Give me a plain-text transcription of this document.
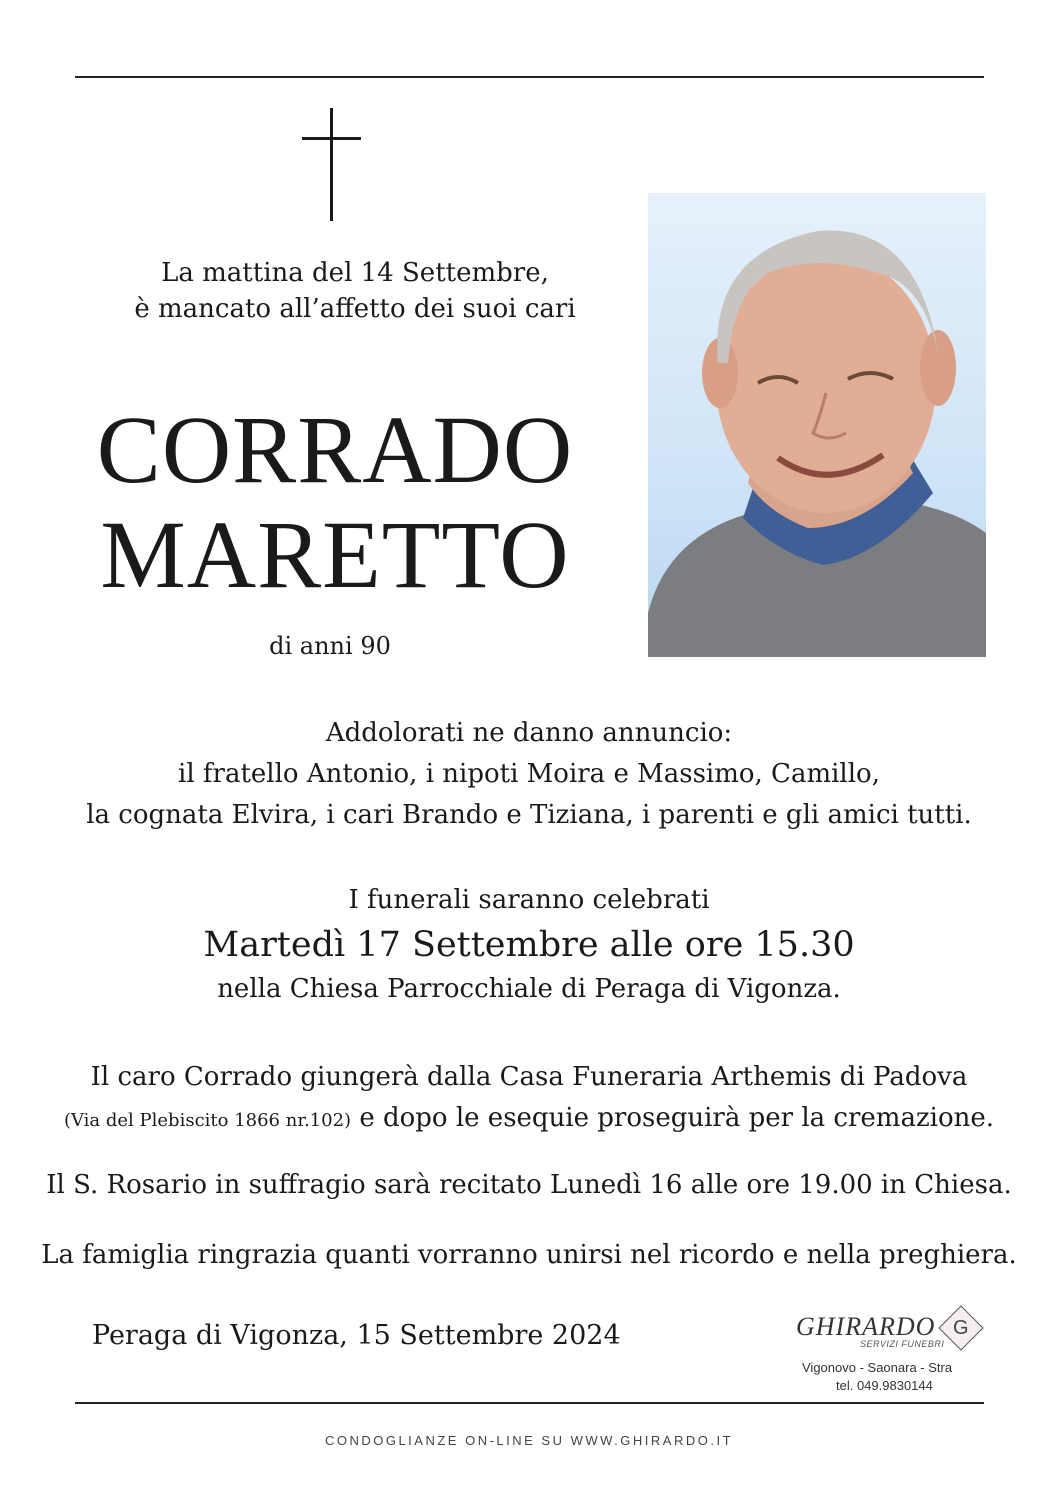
La mattina del 14 Settembre,
è mancato all’affetto dei suoi cari
CORRADO
MARETTO
di anni 90
Addolorati ne danno annuncio:
il fratello Antonio, i nipoti Moira e Massimo, Camillo,
la cognata Elvira, i cari Brando e Tiziana, i parenti e gli amici tutti.
I funerali saranno celebrati
Martedì 17 Settembre alle ore 15.30
nella Chiesa Parrocchiale di Peraga di Vigonza.
Il caro Corrado giungerà dalla Casa Funeraria Arthemis di Padova
(Via del Plebiscito 1866 nr.102) e dopo le esequie proseguirà per la cremazione.
Il S. Rosario in suffragio sarà recitato Lunedì 16 alle ore 19.00 in Chiesa.
La famiglia ringrazia quanti vorranno unirsi nel ricordo e nella preghiera.
Peraga di Vigonza, 15 Settembre 2024	GHIRARDO
SERVIZI FUNEBRI
G
Vigonovo - Saonara - Stra
tel. 049.9830144
CONDOGLIANZE ON-LINE SU WWW.GHIRARDO.IT
